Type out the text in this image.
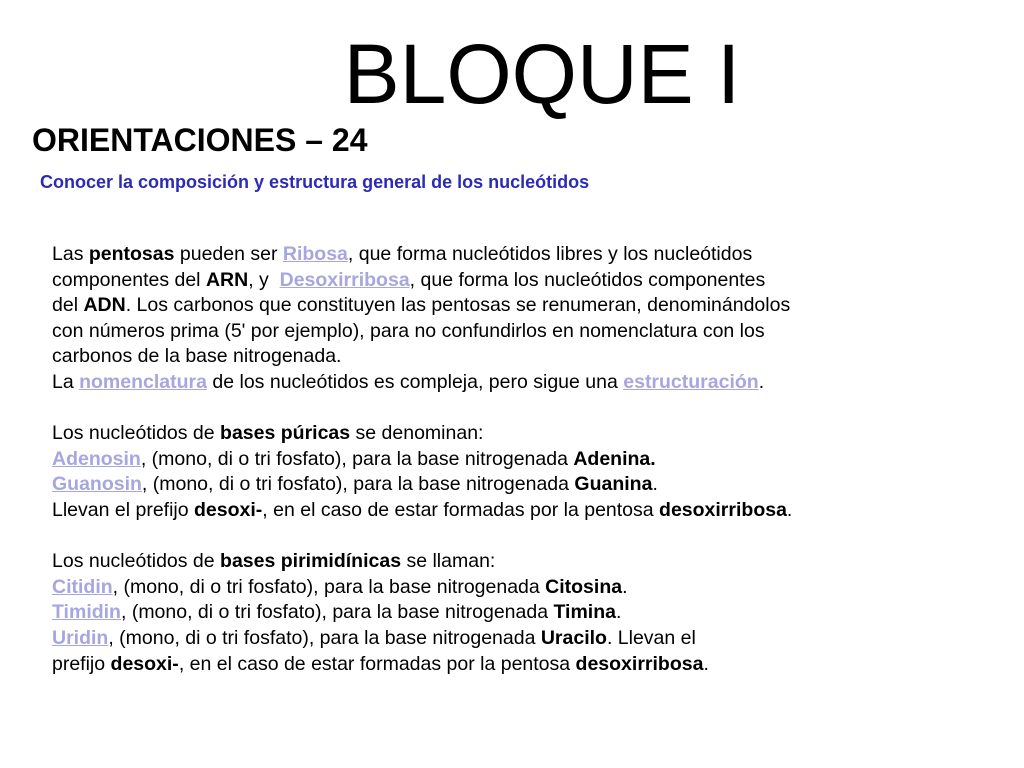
BLOQUE I
ORIENTACIONES – 24
Conocer la composición y estructura general de los nucleótidos
Las pentosas pueden ser Ribosa, que forma nucleótidos libres y los nucleótidos
componentes del ARN, y  Desoxirribosa, que forma los nucleótidos componentes
del ADN. Los carbonos que constituyen las pentosas se renumeran, denominándolos
con números prima (5' por ejemplo), para no confundirlos en nomenclatura con los
carbonos de la base nitrogenada.
La nomenclatura de los nucleótidos es compleja, pero sigue una estructuración.
Los nucleótidos de bases púricas se denominan:
Adenosin, (mono, di o tri fosfato), para la base nitrogenada Adenina.
Guanosin, (mono, di o tri fosfato), para la base nitrogenada Guanina.
Llevan el prefijo desoxi-, en el caso de estar formadas por la pentosa desoxirribosa.
Los nucleótidos de bases pirimidínicas se llaman:
Citidin, (mono, di o tri fosfato), para la base nitrogenada Citosina.
Timidin, (mono, di o tri fosfato), para la base nitrogenada Timina.
Uridin, (mono, di o tri fosfato), para la base nitrogenada Uracilo. Llevan el
prefijo desoxi-, en el caso de estar formadas por la pentosa desoxirribosa.
